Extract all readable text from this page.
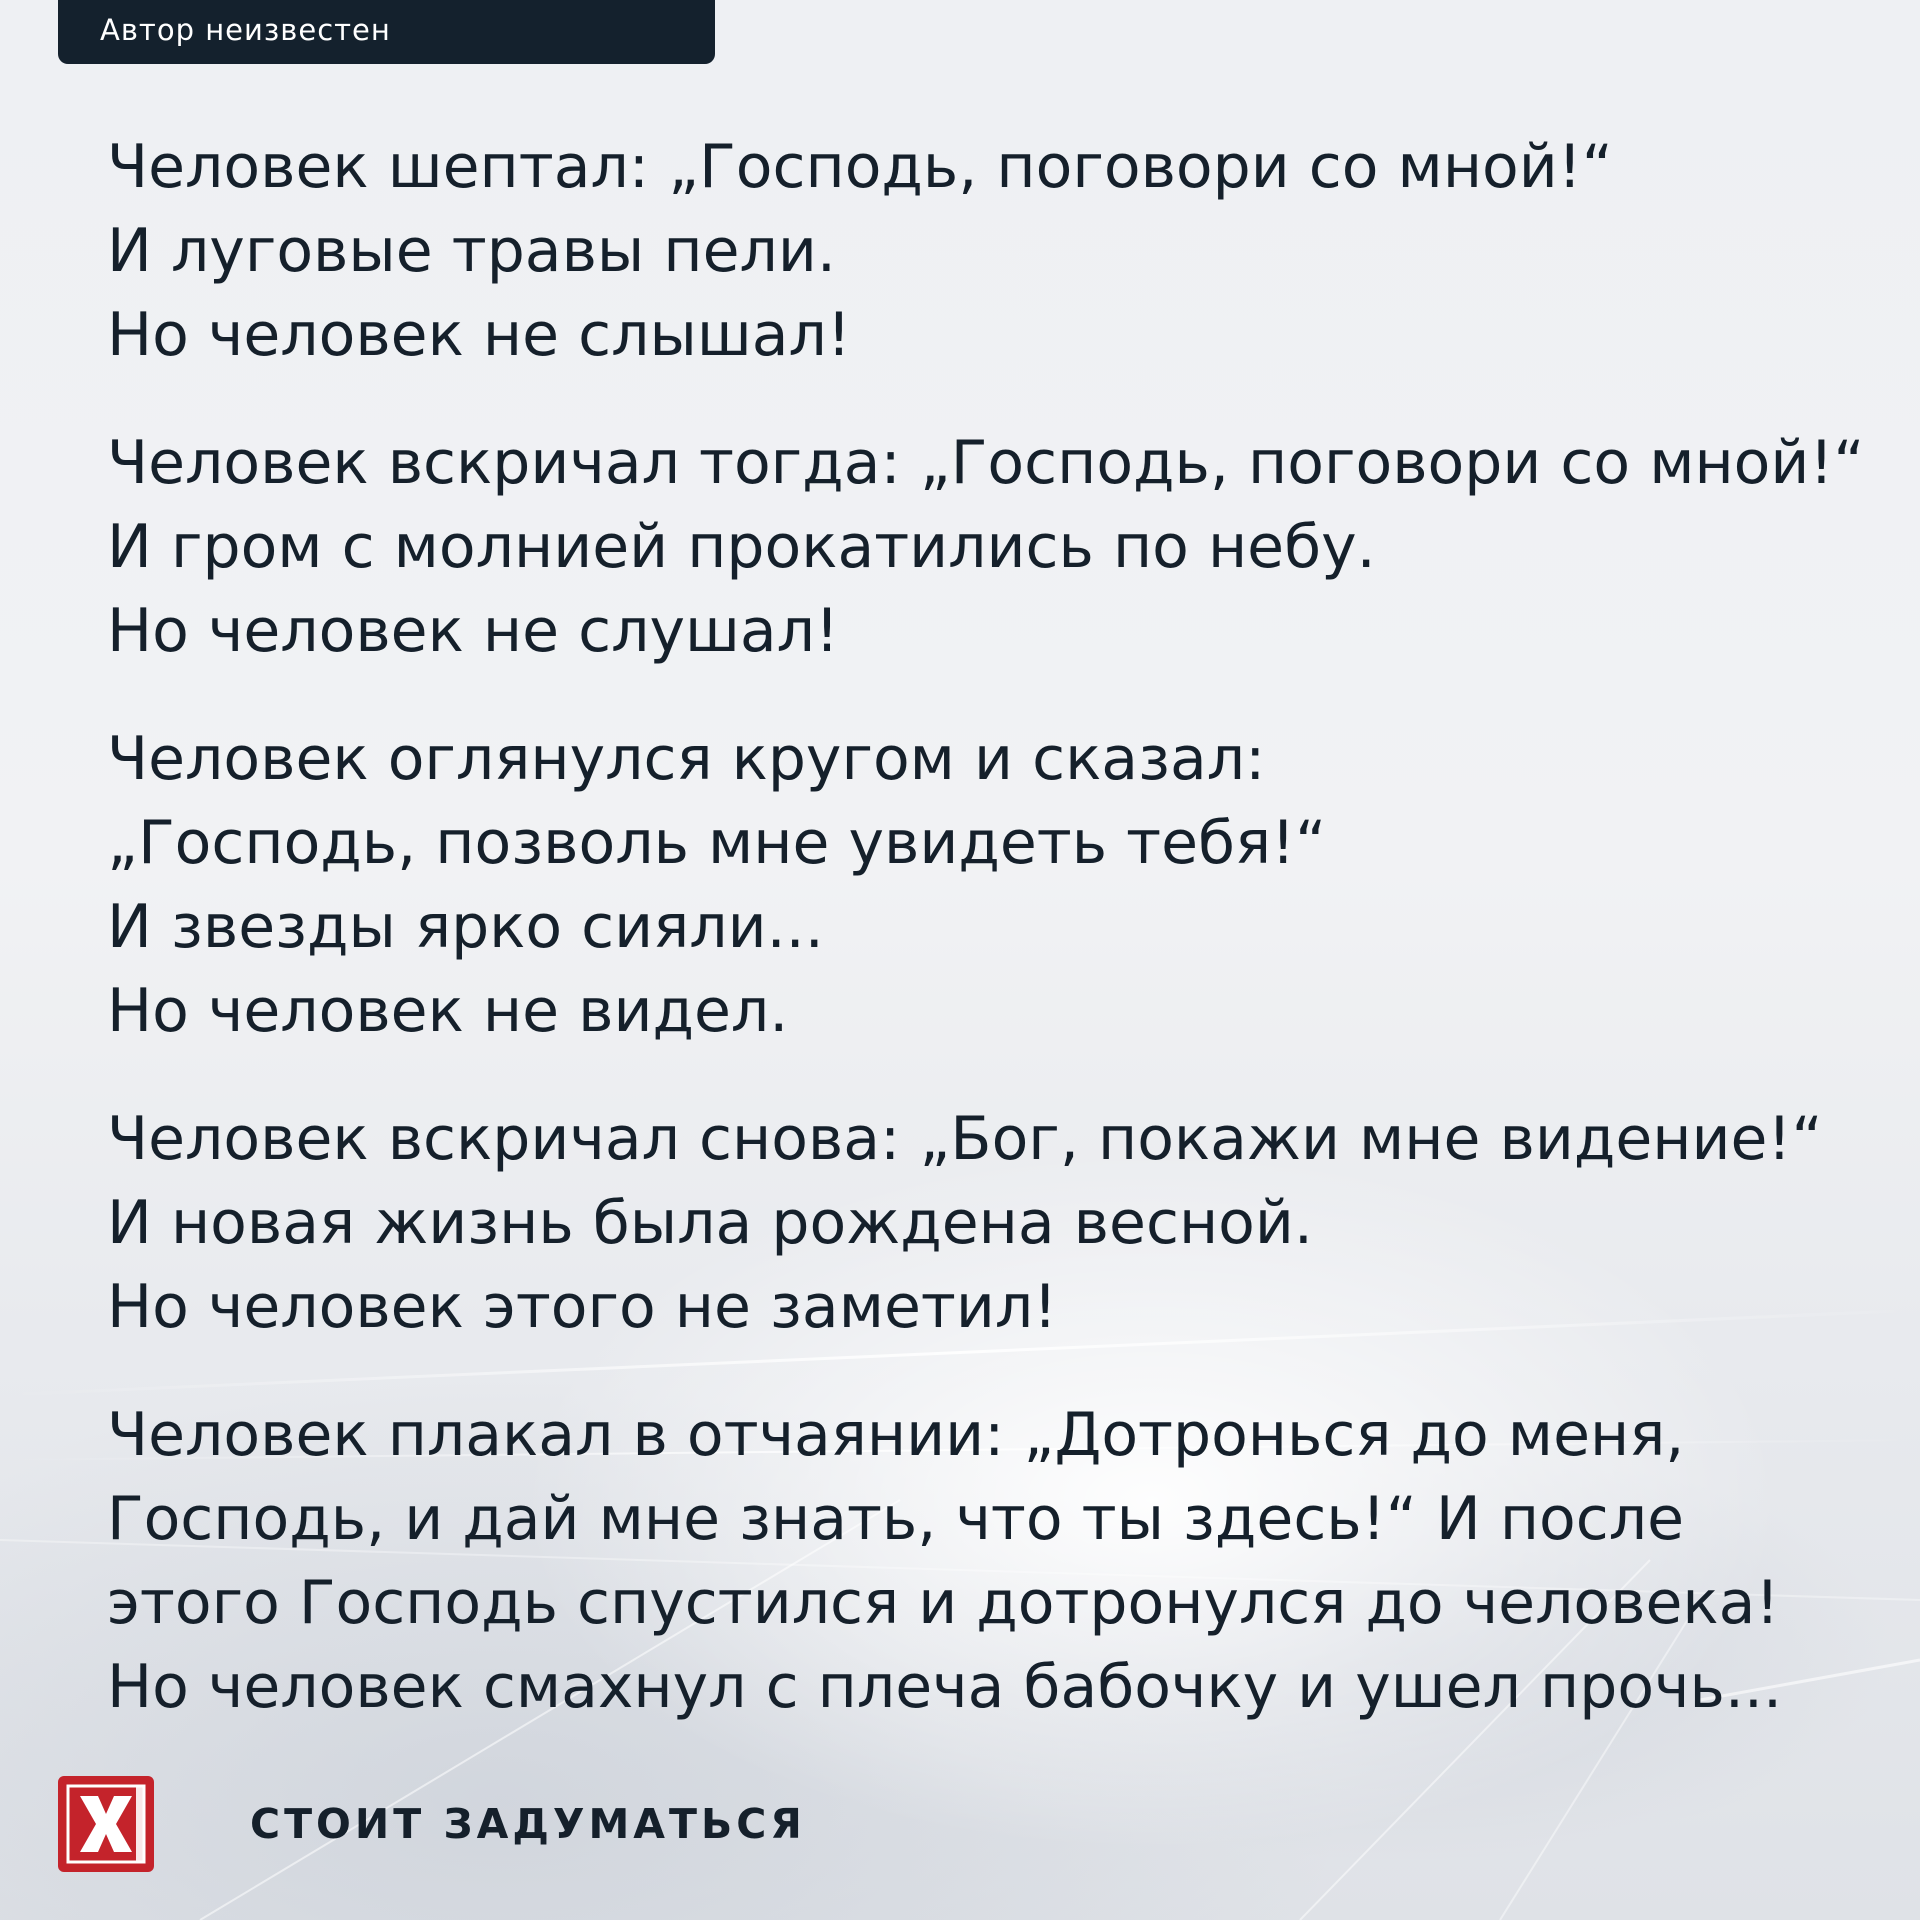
Автор неизвестен
Человек шептал: „Господь, поговори со мной!“
И луговые травы пели.
Но человек не слышал!
Человек вскричал тогда: „Господь, поговори со мной!“
И гром с молнией прокатились по небу.
Но человек не слушал!
Человек оглянулся кругом и сказал:
„Господь, позволь мне увидеть тебя!“
И звезды ярко сияли...
Но человек не видел.
Человек вскричал снова: „Бог, покажи мне видение!“
И новая жизнь была рождена весной.
Но человек этого не заметил!
Человек плакал в отчаянии: „Дотронься до меня,
Господь, и дай мне знать, что ты здесь!“ И после
этого Господь спустился и дотронулся до человека!
Но человек смахнул с плеча бабочку и ушел прочь...
СТОИТ ЗАДУМАТЬСЯ
